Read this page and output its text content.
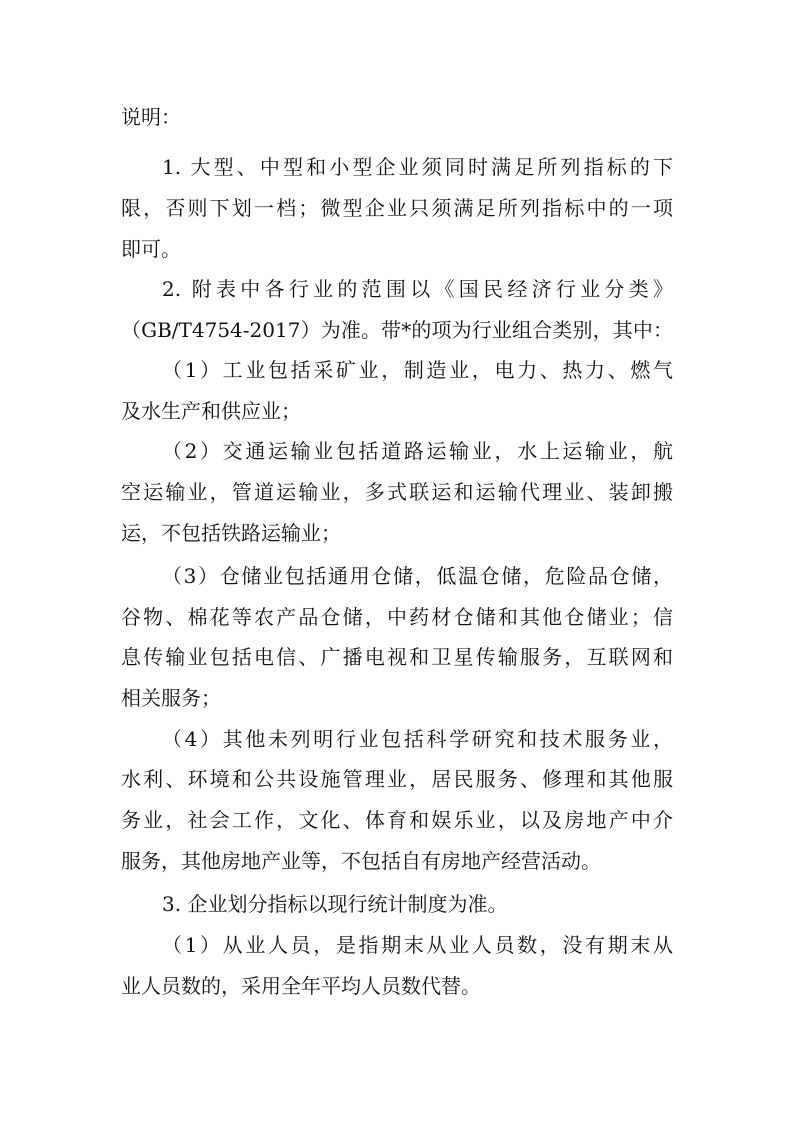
说明：
1. 大型、中型和小型企业须同时满足所列指标的下
限，否则下划一档；微型企业只须满足所列指标中的一项
即可。
2. 附表中各行业的范围以《国民经济行业分类》
（GB/T4754-2017）为准。带*的项为行业组合类别，其中：
（1）工业包括采矿业，制造业，电力、热力、燃气
及水生产和供应业；
（2）交通运输业包括道路运输业，水上运输业，航
空运输业，管道运输业，多式联运和运输代理业、装卸搬
运，不包括铁路运输业；
（3）仓储业包括通用仓储，低温仓储，危险品仓储，
谷物、棉花等农产品仓储，中药材仓储和其他仓储业；信
息传输业包括电信、广播电视和卫星传输服务，互联网和
相关服务；
（4）其他未列明行业包括科学研究和技术服务业，
水利、环境和公共设施管理业，居民服务、修理和其他服
务业，社会工作，文化、体育和娱乐业，以及房地产中介
服务，其他房地产业等，不包括自有房地产经营活动。
3. 企业划分指标以现行统计制度为准。
（1）从业人员，是指期末从业人员数，没有期末从
业人员数的，采用全年平均人员数代替。
